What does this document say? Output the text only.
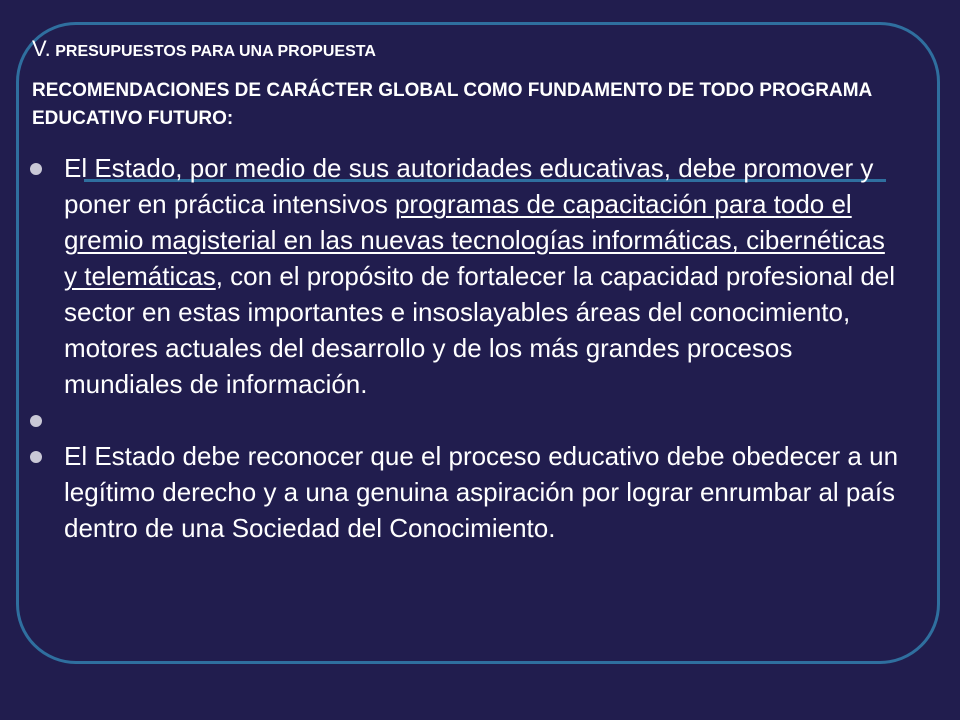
V. PRESUPUESTOS PARA UNA PROPUESTA
RECOMENDACIONES DE CARÁCTER GLOBAL COMO FUNDAMENTO DE TODO PROGRAMA EDUCATIVO FUTURO:
El Estado, por medio de sus autoridades educativas, debe promover y poner en práctica intensivos programas de capacitación para todo el gremio magisterial en las nuevas tecnologías informáticas, cibernéticas y telemáticas, con el propósito de fortalecer la capacidad profesional del sector en estas importantes e insoslayables áreas del conocimiento, motores actuales del desarrollo y de los más grandes procesos mundiales de información.
El Estado debe reconocer que el proceso educativo debe obedecer a un legítimo derecho y a una genuina aspiración por lograr enrumbar al país dentro de una Sociedad del Conocimiento.
